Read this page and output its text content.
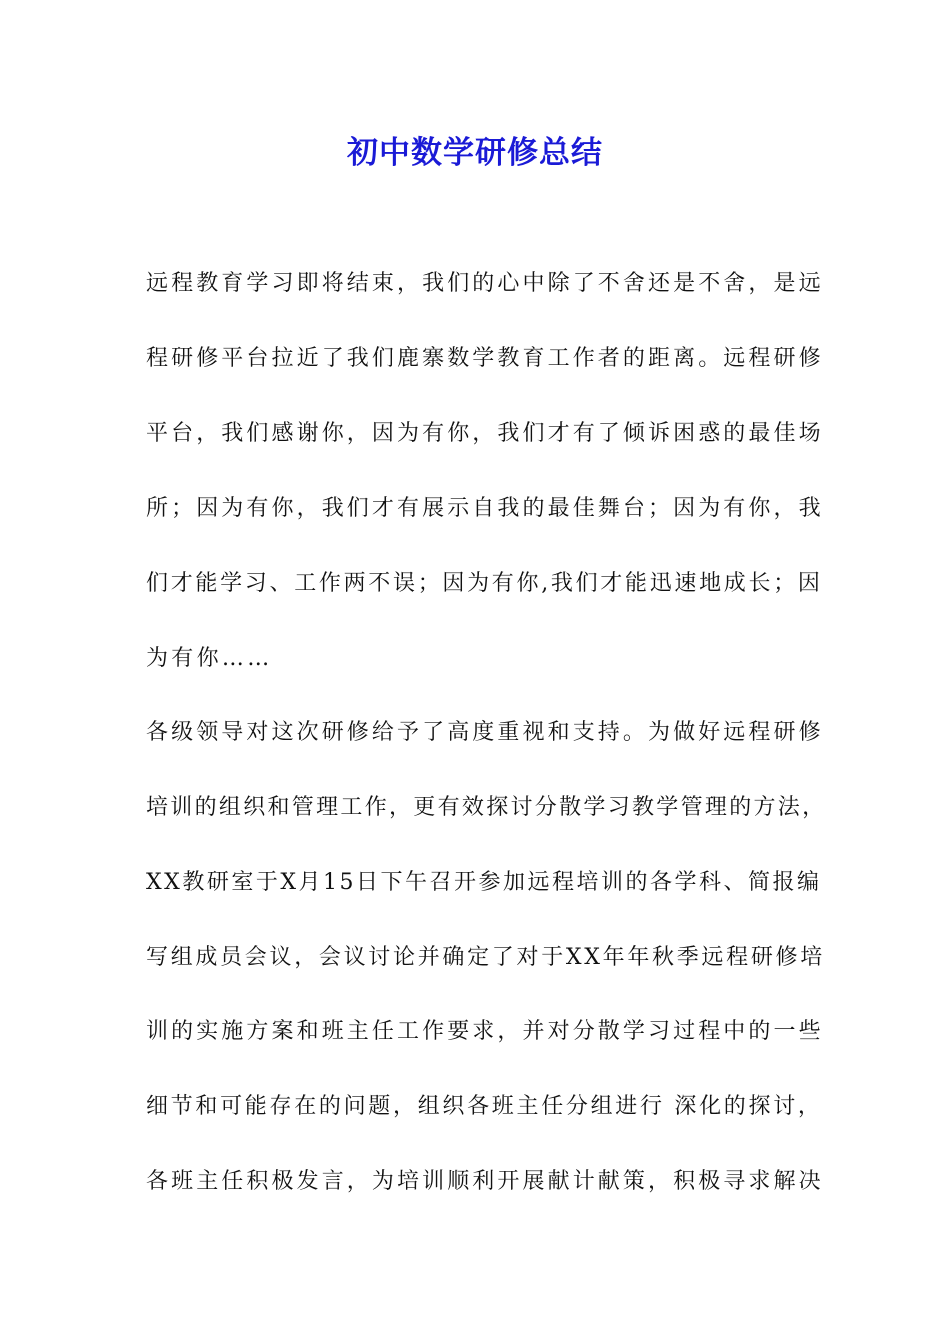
初中数学研修总结

远程教育学习即将结束，我们的心中除了不舍还是不舍，是远

程研修平台拉近了我们鹿寨数学教育工作者的距离。远程研修

平台，我们感谢你，因为有你，我们才有了倾诉困惑的最佳场

所；因为有你，我们才有展示自我的最佳舞台；因为有你，我

们才能学习、工作两不误；因为有你,我们才能迅速地成长；因

为有你……

各级领导对这次研修给予了高度重视和支持。为做好远程研修

培训的组织和管理工作，更有效探讨分散学习教学管理的方法，

XX教研室于X月15日下午召开参加远程培训的各学科、简报编

写组成员会议，会议讨论并确定了对于XX年年秋季远程研修培

训的实施方案和班主任工作要求，并对分散学习过程中的一些

细节和可能存在的问题，组织各班主任分组进行 深化的探讨，

各班主任积极发言，为培训顺利开展献计献策，积极寻求解决
